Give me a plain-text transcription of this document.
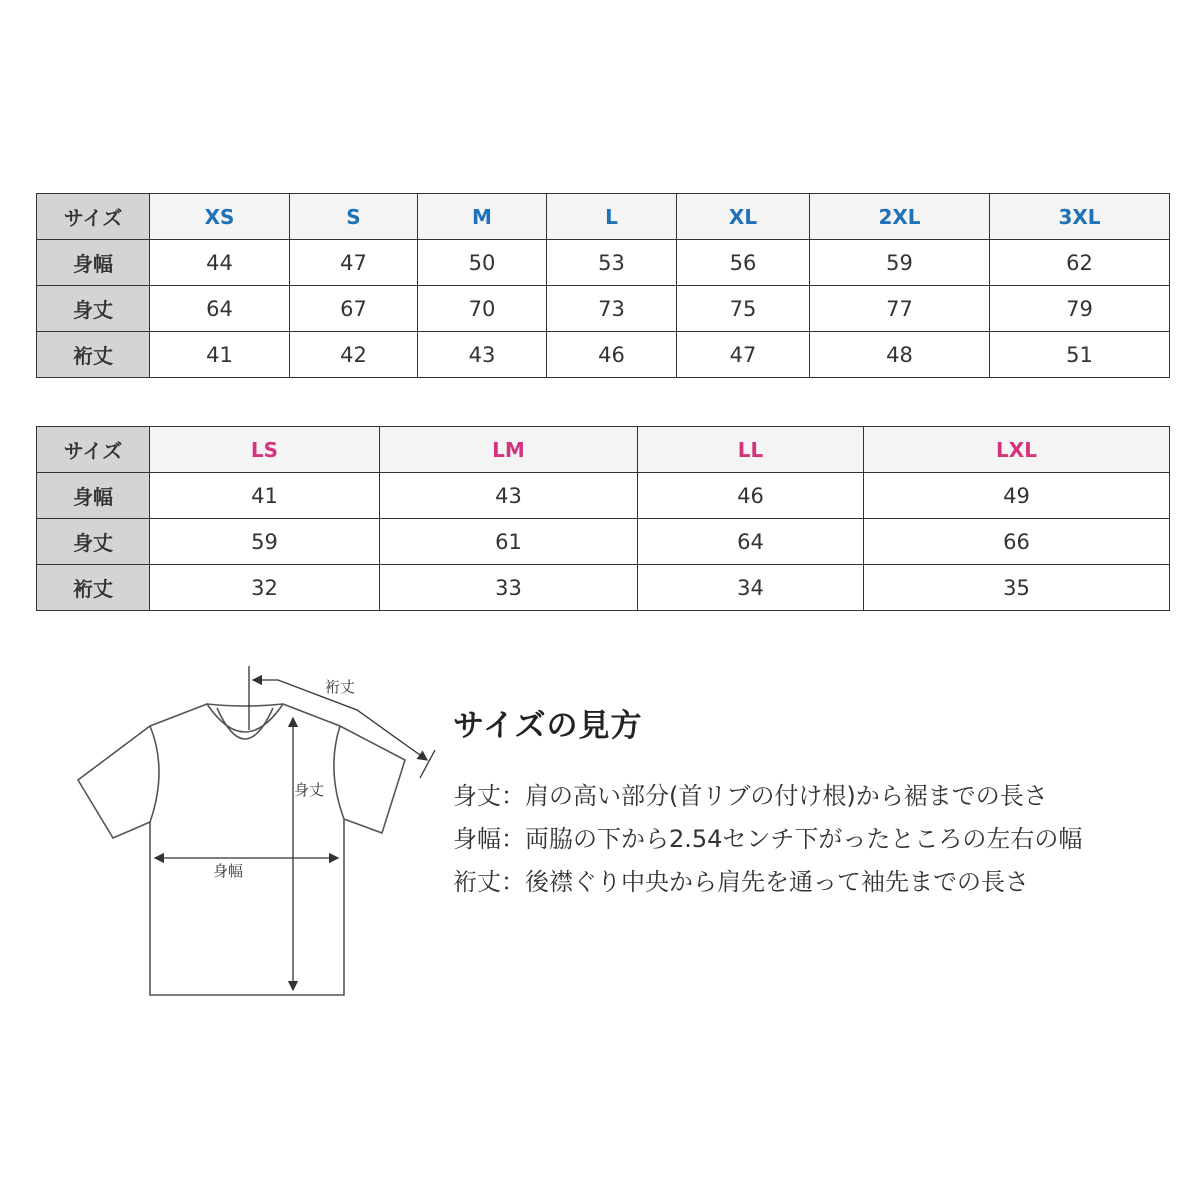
サイズ	XS	S	M	L	XL	2XL	3XL
身幅	44	47	50	53	56	59	62
身丈	64	67	70	73	75	77	79
裄丈	41	42	43	46	47	48	51
サイズ	LS	LM	LL	LXL
身幅	41	43	46	49
身丈	59	61	64	66
裄丈	32	33	34	35
裄丈
身丈
身幅
サイズの見方

身丈：肩の高い部分(首リブの付け根)から裾までの長さ

身幅：両脇の下から2.54センチ下がったところの左右の幅

裄丈：後襟ぐり中央から肩先を通って袖先までの長さ
